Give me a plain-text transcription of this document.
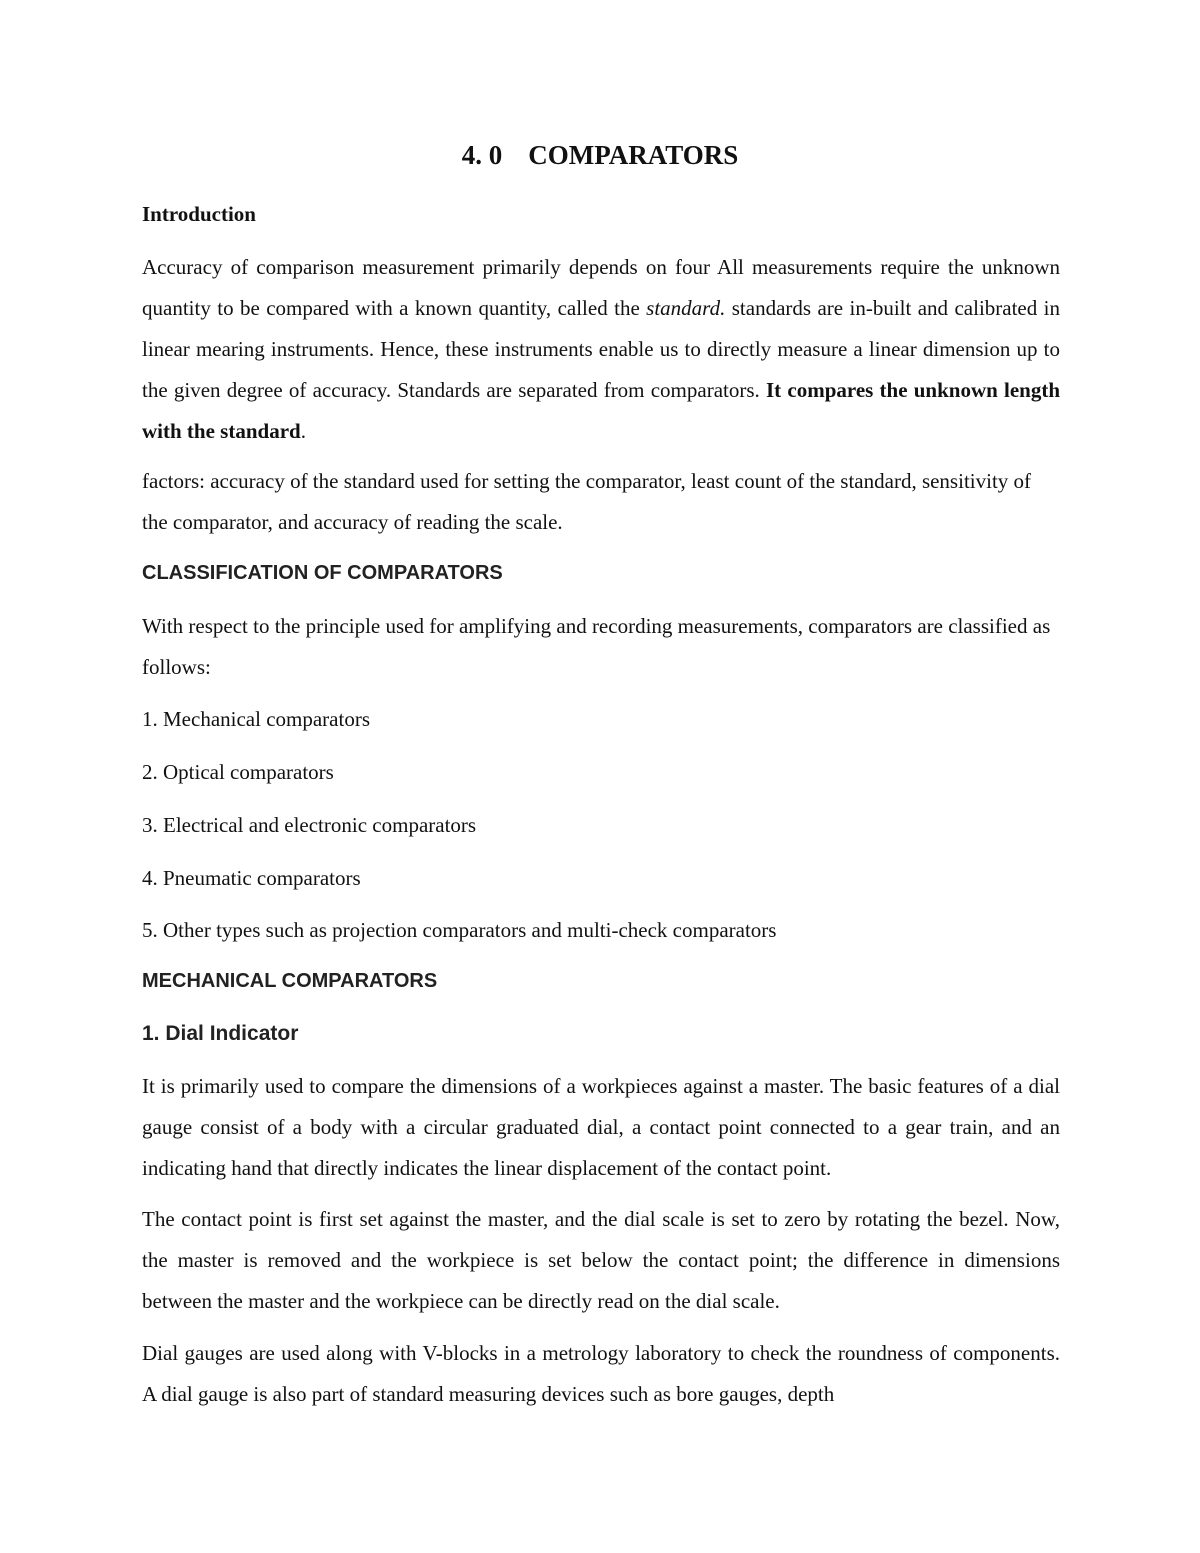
4. 0 COMPARATORS

Introduction

Accuracy of comparison measurement primarily depends on four All measurements require the unknown quantity to be compared with a known quantity, called the standard. standards are in-built and calibrated in linear mearing instruments. Hence, these instruments enable us to directly measure a linear dimension up to the given degree of accuracy. Standards are separated from comparators. It compares the unknown length with the standard.

factors: accuracy of the standard used for setting the comparator, least count of the standard, sensitivity of the comparator, and accuracy of reading the scale.

CLASSIFICATION OF COMPARATORS

With respect to the principle used for amplifying and recording measurements, comparators are classified as follows:

1. Mechanical comparators

2. Optical comparators

3. Electrical and electronic comparators

4. Pneumatic comparators

5. Other types such as projection comparators and multi-check comparators

MECHANICAL COMPARATORS
1. Dial Indicator

It is primarily used to compare the dimensions of a workpieces against a master. The basic features of a dial gauge consist of a body with a circular graduated dial, a contact point connected to a gear train, and an indicating hand that directly indicates the linear displacement of the contact point.

The contact point is first set against the master, and the dial scale is set to zero by rotating the bezel. Now, the master is removed and the workpiece is set below the contact point; the difference in dimensions between the master and the workpiece can be directly read on the dial scale.

Dial gauges are used along with V-blocks in a metrology laboratory to check the roundness of components. A dial gauge is also part of standard measuring devices such as bore gauges, depth
